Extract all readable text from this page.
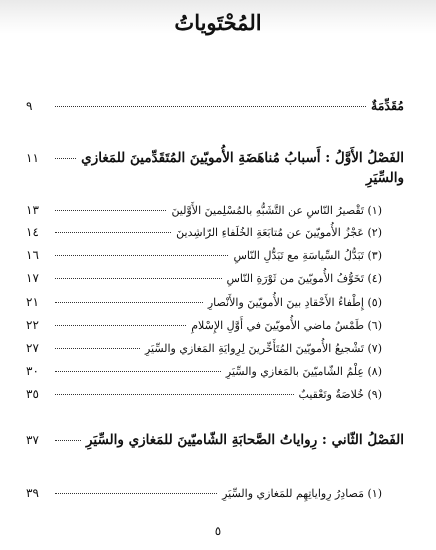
المُحْتَوياتُ
مُقَدِّمَةٌ
٩
الفَصْلُ الأَوَّلُ : أَسبابُ مُناهَضَةِ الأُمويّينَ المُتَقَدِّمينَ للمَغازي
١١
والسِّيَرِ
(١) تَقْصيرُ النّاسِ عن التَّشَبُّهِ بالمُسْلِمينَ الأَوَّلينَ
١٣
(٢) عَجْزُ الأُمويّينَ عن مُتابَعَةِ الخُلَفاءِ الرّاشِدينَ
١٤
(٣) تَبَدُّلُ السِّياسَةِ مع تَبَدُّلِ النّاسِ
١٦
(٤) تَخَوُّفُ الأُمويّينَ من ثَوْرَةِ النّاسِ
١٧
(٥) إِطْفاءُ الأَحْقادِ بينَ الأُمويّينَ والأَنْصارِ
٢١
(٦) طَمْسُ ماضي الأُمويّينَ في أَوَّلِ الإِسْلامِ
٢٢
(٧) تَشْجيعُ الأُمويّينَ المُتَأَخِّرينَ لِرِوايَةِ المَغازي والسِّيَرِ
٢٧
(٨) عِلْمُ الشّاميّينَ بالمَغازي والسِّيَرِ
٣٠
(٩) خُلاصَةٌ وتَعْقيبٌ
٣٥
الفَصْلُ الثّاني : رِواياتُ الصَّحابَةِ الشّاميّينَ للمَغازي والسِّيَرِ
٣٧
(١) مَصادِرُ رِواياتِهِم للمَغازي والسِّيَرِ
٣٩
٥
